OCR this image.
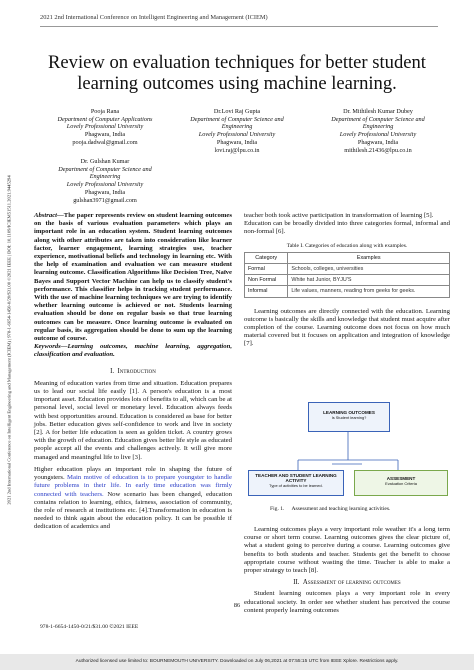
2021 2nd International Conference on Intelligent Engineering and Management (ICIEM)
2021 2nd International Conference on Intelligent Engineering and Management (ICIEM) | 978-1-6654-1450-0/20/$31.00 ©2021 IEEE | DOI: 10.1109/ICIEM51511.2021.9445294
Review on evaluation techniques for better student
learning outcomes using machine learning.
Pooja Rana
Department of Computer Applications
Lovely Professional University
Phagwara, India
pooja.dadwal@gmail.com
Dr.Lovi Raj Gupta
Department of Computer Science and
Engineering
Lovely Professional University
Phagwara, India
lovi.raj@lpu.co.in
Dr. Mithilesh Kumar Dubey
Department of Computer Science and
Engineering
Lovely Professional University
Phagwara, India
mithilesh.21436@lpu.co.in
Dr. Gulshan Kumar
Department of Computer Science and
Engineering
Lovely Professional University
Phagwara, India
gulshan3971@gmail.com

Abstract—The paper represents review on student learning outcomes on the basis of various evaluation parameters which plays an important role in an education system. Student learning outcomes along with other attributes are taken into consideration like learner factor, learner engagement, learning strategies use, teacher experience, motivational beliefs and technology in learning etc. With the help of examination and evaluation we can measure student learning outcome. Classification Algorithms like Decision Tree, Naïve Bayes and Support Vector Machine can help us to classify student's performance. This classifier helps in tracking student performance. With the use of machine learning techniques we are trying to identify whether learning outcome is achieved or not. Students learning evaluation should be done on regular basis so that true learning outcomes can be measure. Once learning outcome is evaluated on regular basis, its aggregation should be done to sum up the learning outcome of course.

Keywords—Learning outcomes, machine learning, aggregation, classification and evaluation.

I. Introduction

Meaning of education varies from time and situation. Education prepares us to lead our social life easily [1]. A person's education is a most important asset. Education provides lots of benefits to all, which can be at personal level, social level or monetary level. Education always feeds with best opportunities around. Education is considered as base for better jobs. Better education gives self-confidence to work and live in society [2]. A for better life education is seen as golden ticket. A country grows with the growth of education. Education gives better life style as educated people accept all the events and challenges actively. It will give more managed and meaningful life to live [3].

Higher education plays an important role in shaping the future of youngsters. Main motive of education is to prepare youngster to handle future problems in their life. In early time education was firmly connected with teachers. Now scenario has been changed, education contains relation to learning, ethics, fairness, association of community, the role of research at institutions etc. [4].Transformation in education is needed to think again about the education policy. It can be possible if dedication of academics and

teacher both took active participation in transformation of learning [5].

Education can be broadly divided into three categories formal, informal and non-formal [6].

Table I. Categories of education along with examples.
Category	Examples
Formal	Schools, colleges, universities
Non Formal	White hat Junior, BYJU'S
Informal	Life values, manners, reading from geeks for geeks.

Learning outcomes are directly connected with the education. Learning outcome is basically the skills and knowledge that student must acquire after completion of the course. Learning outcome does not focus on how much material covered but it focuses on application and integration of knowledge [7].

LEARNING OUTCOMES
Is Student learning?
TEACHER AND STUDENT LEARNING ACTIVITY
Type of activities to be learned.
ASSESMENT
Evaluation Criteria
Fig. 1. Assessment and teaching learning activities.

Learning outcomes plays a very important role weather it's a long term course or short term course. Learning outcomes gives the clear picture of, what a student going to perceive during a course. Learning outcomes give benefits to both students and teacher. Students get the benefit to choose appropriate course without wasting the time. Teacher is able to make a proper strategy to teach [8].

II. Assessment of learning outcomes

Student learning outcomes plays a very important role in every educational society. In order see whether student has perceived the course content properly learning outcomes

86
978-1-6654-1450-0/21/$31.00 ©2021 IEEE
Authorized licensed use limited to: BOURNEMOUTH UNIVERSITY. Downloaded on July 06,2021 at 07:55:15 UTC from IEEE Xplore. Restrictions apply.
